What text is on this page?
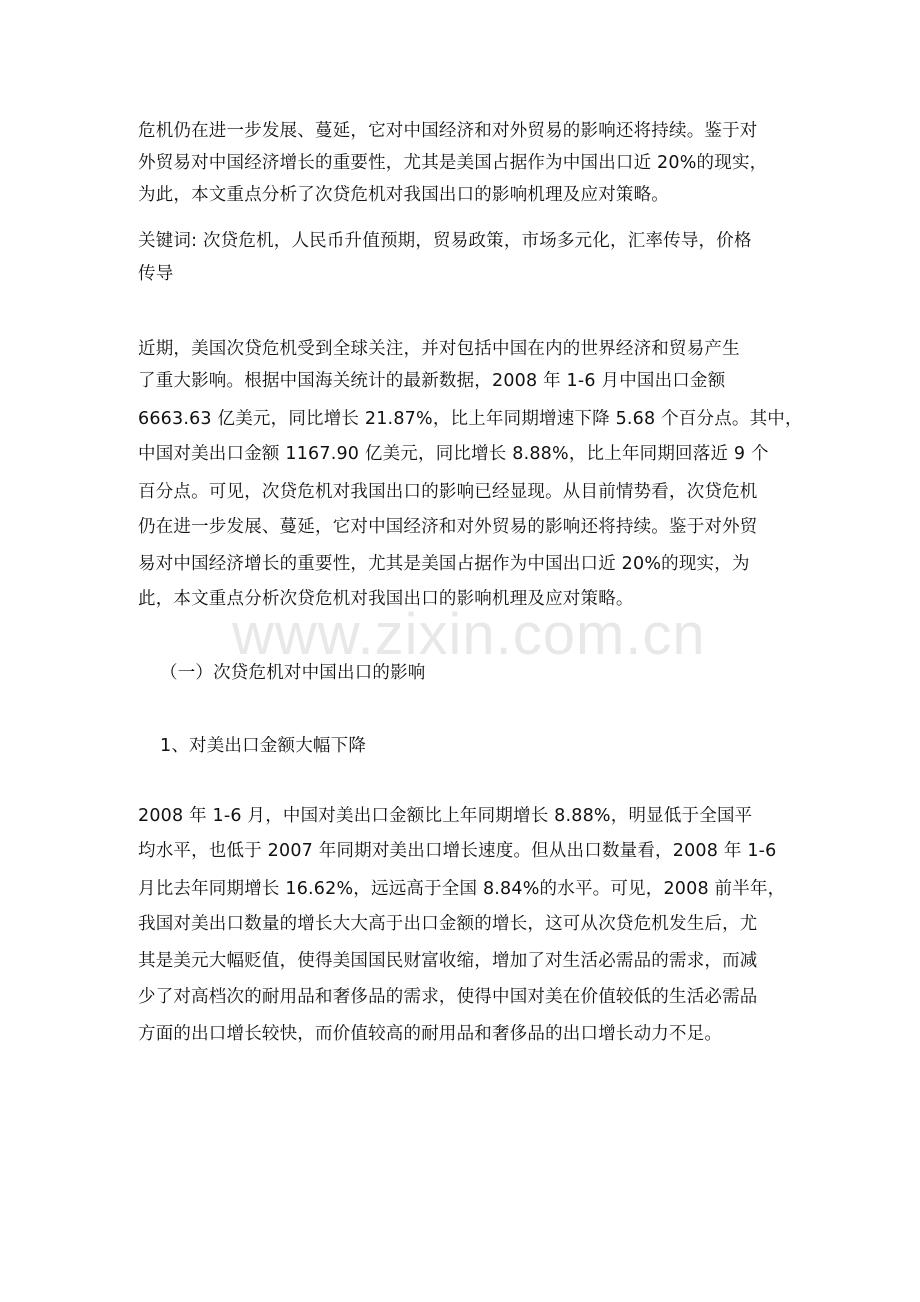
危机仍在进一步发展、蔓延，它对中国经济和对外贸易的影响还将持续。鉴于对
外贸易对中国经济增长的重要性，尤其是美国占据作为中国出口近 20%的现实，
为此，本文重点分析了次贷危机对我国出口的影响机理及应对策略。
关键词: 次贷危机，人民币升值预期，贸易政策，市场多元化，汇率传导，价格
传导
近期，美国次贷危机受到全球关注，并对包括中国在内的世界经济和贸易产生
了重大影响。根据中国海关统计的最新数据，2008 年 1-6 月中国出口金额
6663.63 亿美元，同比增长 21.87%，比上年同期增速下降 5.68 个百分点。其中，
中国对美出口金额 1167.90 亿美元，同比增长 8.88%，比上年同期回落近 9 个
百分点。可见，次贷危机对我国出口的影响已经显现。从目前情势看，次贷危机
仍在进一步发展、蔓延，它对中国经济和对外贸易的影响还将持续。鉴于对外贸
易对中国经济增长的重要性，尤其是美国占据作为中国出口近 20%的现实，为
此，本文重点分析次贷危机对我国出口的影响机理及应对策略。
www.zixin.com.cn
（一）次贷危机对中国出口的影响
1、对美出口金额大幅下降
2008 年 1-6 月，中国对美出口金额比上年同期增长 8.88%，明显低于全国平
均水平，也低于 2007 年同期对美出口增长速度。但从出口数量看，2008 年 1-6
月比去年同期增长 16.62%，远远高于全国 8.84%的水平。可见，2008 前半年，
我国对美出口数量的增长大大高于出口金额的增长，这可从次贷危机发生后，尤
其是美元大幅贬值，使得美国国民财富收缩，增加了对生活必需品的需求，而减
少了对高档次的耐用品和奢侈品的需求，使得中国对美在价值较低的生活必需品
方面的出口增长较快，而价值较高的耐用品和奢侈品的出口增长动力不足。
